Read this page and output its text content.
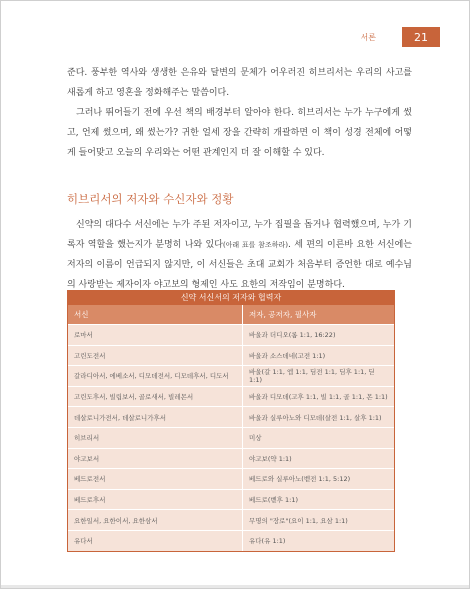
서론	21

준다. 풍부한 역사와 생생한 은유와 달변의 문체가 어우러진 히브리서는 우리의 사고를 새롭게 하고 영혼을 정화해주는 말씀이다.

그러나 뛰어들기 전에 우선 책의 배경부터 알아야 한다. 히브리서는 누가 누구에게 썼고, 언제 썼으며, 왜 썼는가? 귀한 얼세 장을 간략히 개괄하면 이 책이 성경 전체에 어떻게 들어맞고 오늘의 우리와는 어떤 관계인지 더 잘 이해할 수 있다.

히브리서의 저자와 수신자와 정황

신약의 대다수 서신에는 누가 주된 저자이고, 누가 집필을 돕거나 협력했으며, 누가 기록자 역할을 했는지가 분명히 나와 있다(아래 표를 참조하라). 세 편의 이른바 요한 서신에는 저자의 이름이 언급되지 않지만, 이 서신들은 초대 교회가 처음부터 증언한 대로 예수님의 사랑받는 제자이자 야고보의 형제인 사도 요한의 저작임이 분명하다.

신약 서신서의 저자와 협력자
서신	저자, 공저자, 필사자
로마서	바울과 더디오(롬 1:1, 16:22)
고린도전서	바울과 소스데네(고전 1:1)
갈라디아서, 에베소서, 디모데전서, 디모데후서, 디도서	바울(갈 1:1, 엡 1:1, 딤전 1:1, 딤후 1:1, 딛 1:1)
고린도후서, 빌립보서, 골로새서, 빌레몬서	바울과 디모데(고후 1:1, 빌 1:1, 골 1:1, 몬 1:1)
데살로니가전서, 데살로니가후서	바울과 실루아노와 디모데(살전 1:1, 살후 1:1)
히브리서	미상
야고보서	야고보(약 1:1)
베드로전서	베드로와 실루아노(벧전 1:1, 5:12)
베드로후서	베드로(벧후 1:1)
요한일서, 요한이서, 요한삼서	무명의 "장로"(요이 1:1, 요삼 1:1)
유다서	유다(유 1:1)
